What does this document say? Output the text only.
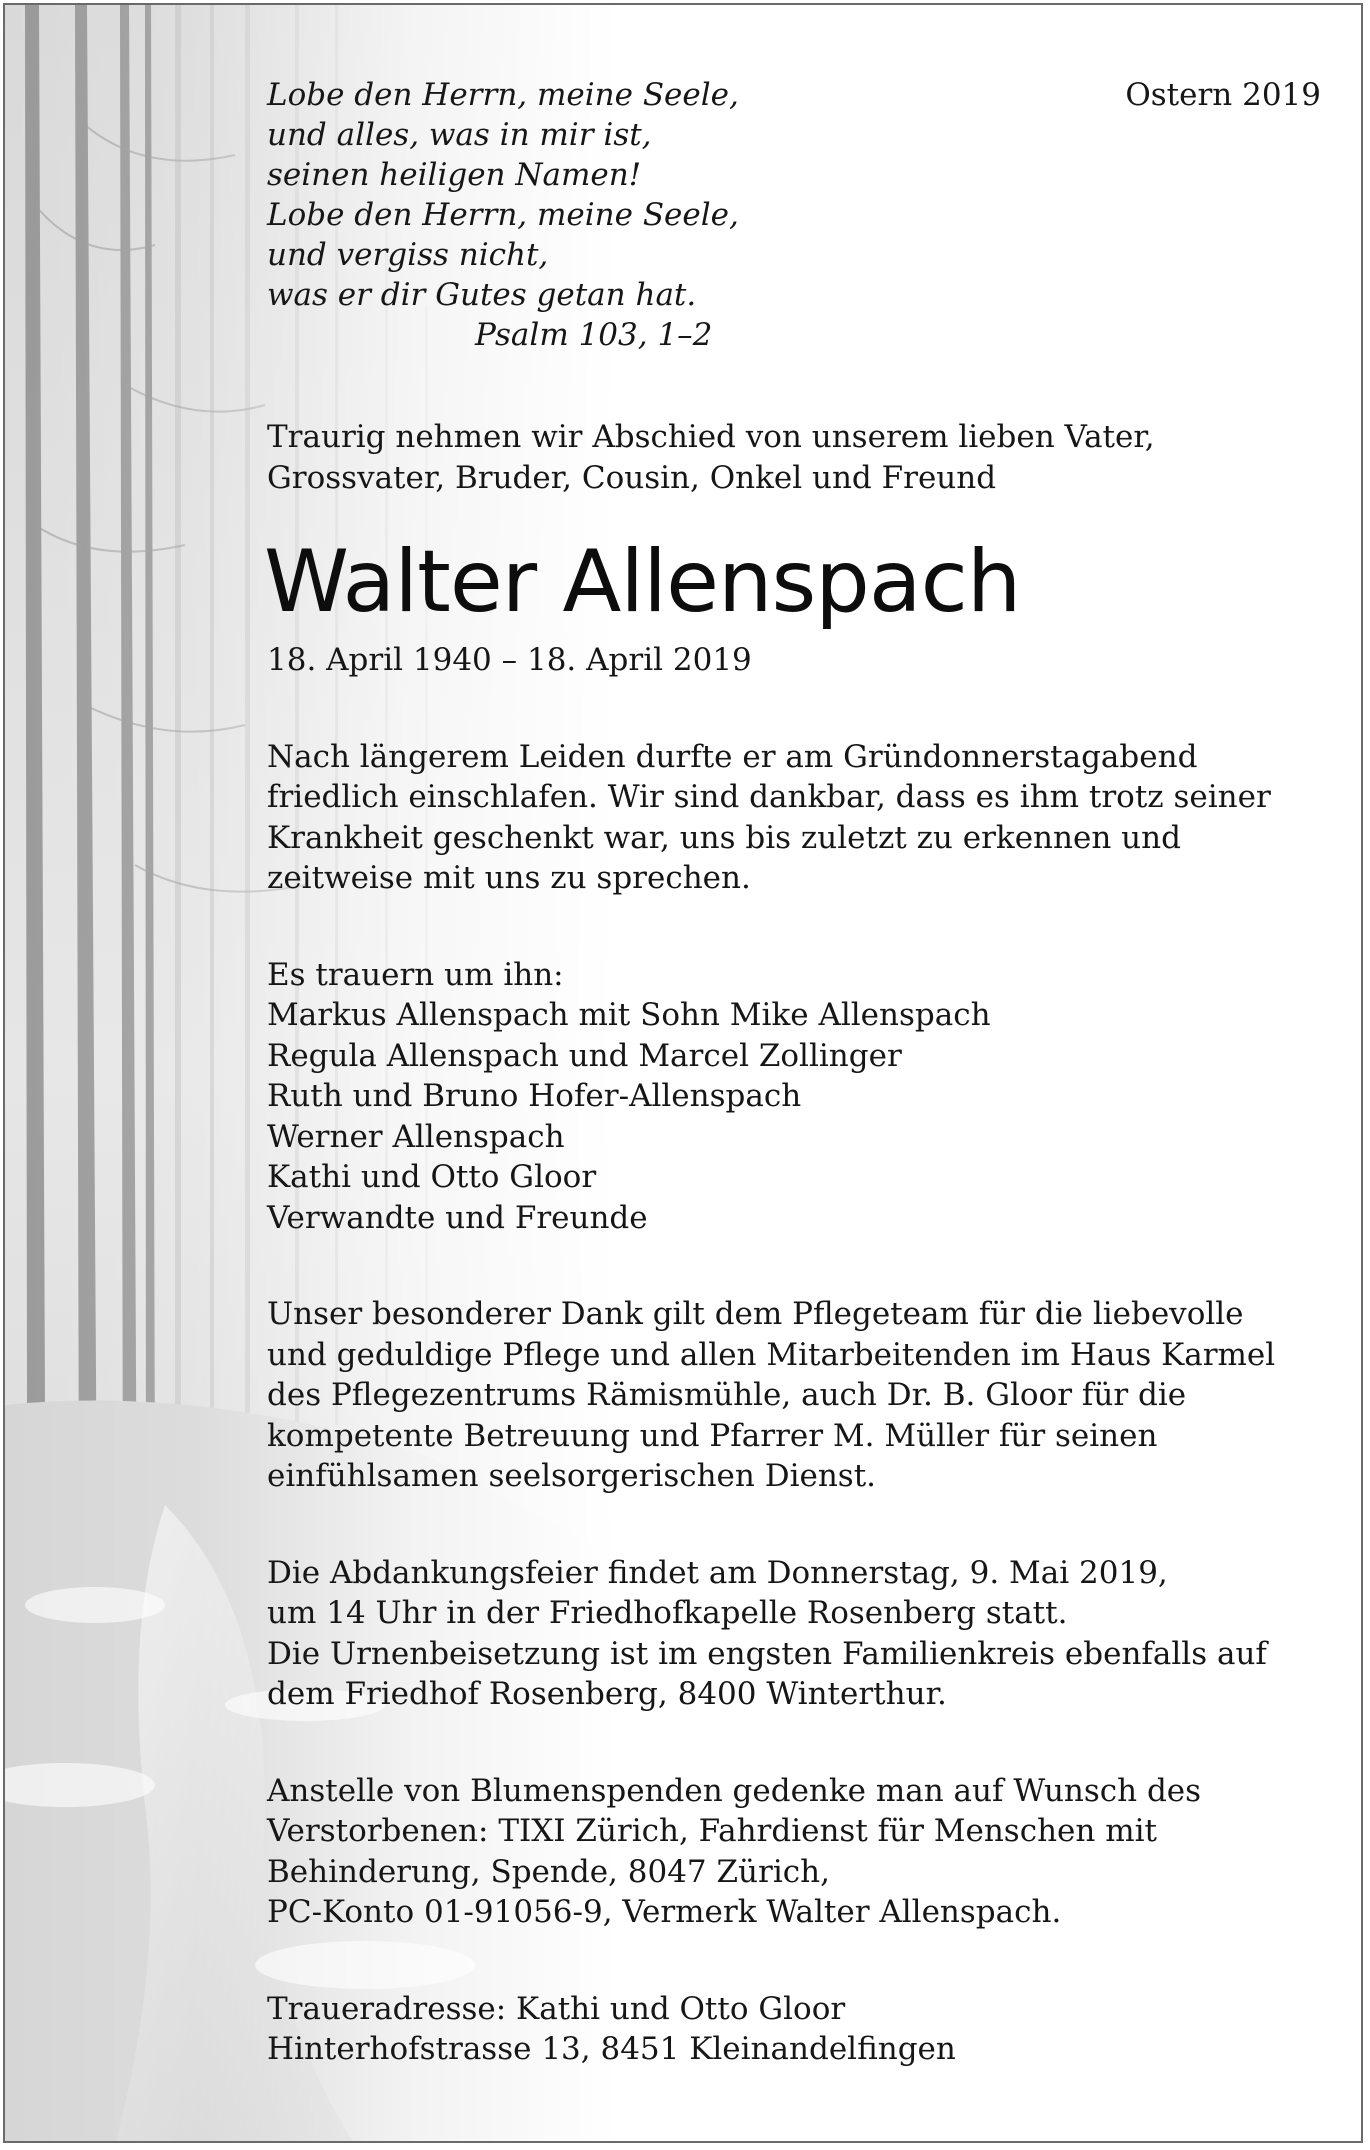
Ostern 2019
Lobe den Herrn, meine Seele,
und alles, was in mir ist,
seinen heiligen Namen!
Lobe den Herrn, meine Seele,
und vergiss nicht,
was er dir Gutes getan hat.
Psalm 103, 1–2
Traurig nehmen wir Abschied von unserem lieben Vater,
Grossvater, Bruder, Cousin, Onkel und Freund
Walter Allenspach
18. April 1940 – 18. April 2019
Nach längerem Leiden durfte er am Gründonnerstagabend
friedlich einschlafen. Wir sind dankbar, dass es ihm trotz seiner
Krankheit geschenkt war, uns bis zuletzt zu erkennen und
zeitweise mit uns zu sprechen.
Es trauern um ihn:
Markus Allenspach mit Sohn Mike Allenspach
Regula Allenspach und Marcel Zollinger
Ruth und Bruno Hofer-Allenspach
Werner Allenspach
Kathi und Otto Gloor
Verwandte und Freunde
Unser besonderer Dank gilt dem Pflegeteam für die liebevolle
und geduldige Pflege und allen Mitarbeitenden im Haus Karmel
des Pflegezentrums Rämismühle, auch Dr. B. Gloor für die
kompetente Betreuung und Pfarrer M. Müller für seinen
einfühlsamen seelsorgerischen Dienst.
Die Abdankungsfeier findet am Donnerstag, 9. Mai 2019,
um 14 Uhr in der Friedhofkapelle Rosenberg statt.
Die Urnenbeisetzung ist im engsten Familienkreis ebenfalls auf
dem Friedhof Rosenberg, 8400 Winterthur.
Anstelle von Blumenspenden gedenke man auf Wunsch des
Verstorbenen: TIXI Zürich, Fahrdienst für Menschen mit
Behinderung, Spende, 8047 Zürich,
PC-Konto 01-91056-9, Vermerk Walter Allenspach.
Traueradresse: Kathi und Otto Gloor
Hinterhofstrasse 13, 8451 Kleinandelfingen
